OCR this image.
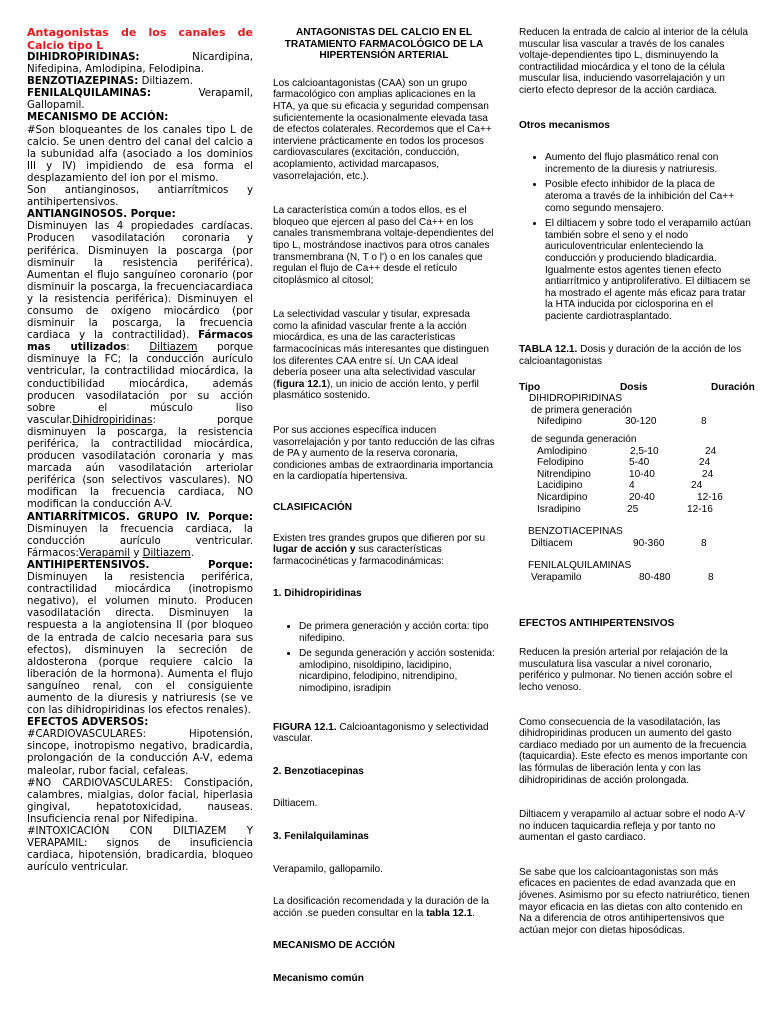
Antagonistas de los canales de Calcio tipo L

DIHIDROPIRIDINAS: Nicardipina, Nifedipina, Amlodipina, Felodipina.

BENZOTIAZEPINAS: Diltiazem.

FENILALQUILAMINAS: Verapamil, Gallopamil.

MECANISMO DE ACCIÓN:

#Son bloqueantes de los canales tipo L de calcio. Se unen dentro del canal del calcio a la subunidad alfa (asociado a los dominios III y IV) impidiendo de esa forma el desplazamiento del ion por el mismo.

Son antianginosos, antiarrítmicos y antihipertensivos.

ANTIANGINOSOS. Porque:

Disminuyen las 4 propiedades cardíacas. Producen vasodilatación coronaria y periférica. Disminuyen la poscarga (por disminuir la resistencia periférica). Aumentan el flujo sanguíneo coronario (por disminuir la poscarga, la frecuenciacardiaca y la resistencia periférica). Disminuyen el consumo de oxígeno miocárdico (por disminuir la poscarga, la frecuencia cardiaca y la contractilidad). Fármacos mas utilizados: Diltiazem porque disminuye la FC; la conducción aurículo ventricular, la contractilidad miocárdica, la conductibilidad miocárdica, además producen vasodilatación por su acción sobre el músculo liso vascular.Dihidropiridinas: porque disminuyen la poscarga, la resistencia periférica, la contractilidad miocárdica, producen vasodilatación coronaria y mas marcada aún vasodilatación arteriolar periférica (son selectivos vasculares). NO modifican la frecuencia cardiaca, NO modifican la conducción A-V.

ANTIARRÍTMICOS. GRUPO IV. Porque: Disminuyen la frecuencia cardiaca, la conducción aurículo ventricular. Fármacos:Verapamil y Diltiazem.

ANTIHIPERTENSIVOS. Porque: Disminuyen la resistencia periférica, contractilidad miocárdica (inotropismo negativo), el volumen minuto. Producen vasodilatación directa. Disminuyen la respuesta a la angiotensina II (por bloqueo de la entrada de calcio necesaria para sus efectos), disminuyen la secreción de aldosterona (porque requiere calcio la liberación de la hormona). Aumenta el flujo sanguíneo renal, con el consiguiente aumento de la diuresis y natriuresis (se ve con las dihidropiridinas los efectos renales).

EFECTOS ADVERSOS:

#CARDIOVASCULARES: Hipotensión, sincope, inotropismo negativo, bradicardia, prolongación de la conducción A-V, edema maleolar, rubor facial, cefaleas.

#NO CARDIOVASCULARES: Constipación, calambres, mialgias, dolor facial, hiperlasia gingival, hepatotoxicidad, nauseas. Insuficiencia renal por Nifedipina.

#INTOXICACIÓN CON DILTIAZEM Y VERAPAMIL: signos de insuficiencia cardiaca, hipotensión, bradicardia, bloqueo aurículo ventricular.

ANTAGONISTAS DEL CALCIO EN EL TRATAMIENTO FARMACOLÓGICO DE LA HIPERTENSIÓN ARTERIAL

Los calcioantagonistas (CAA) son un grupo farmacológico con amplias aplicaciones en la HTA, ya que su eficacia y seguridad compensan suficientemente la ocasionalmente elevada tasa de efectos colaterales. Recordemos que el Ca++ interviene prácticamente en todos los procesos cardiovasculares (excitación, conducción, acoplamiento, actividad marcapasos, vasorrelajación, etc.).

La característica común a todos ellos, es el bloqueo que ejercen al paso del Ca++ en los canales transmembrana voltaje-dependientes del tipo L, mostrándose inactivos para otros canales transmembrana (N, T o l') o en los canales que regulan el flujo de Ca++ desde el retículo citoplásmico al citosol;

La selectividad vascular y tisular, expresada como la afinidad vascular frente a la acción miocárdica, es una de las características farmacocínicas más interesantes que distinguen los diferentes CAA entre sí. Un CAA ideal debería poseer una alta selectividad vascular (figura 12.1), un inicio de acción lento, y perfil plasmático sostenido.

Por sus acciones específica inducen vasorrelajación y por tanto reducción de las cifras de PA y aumento de la reserva coronaria, condiciones ambas de extraordinaria importancia en la cardiopatía hipertensiva.

CLASIFICACIÓN

Existen tres grandes grupos que difieren por su lugar de acción y sus características farmacocinéticas y farmacodinámicas:

1. Dihidropiridinas

• De primera generación y acción corta: tipo nifedipino.
• De segunda generación y acción sostenida: amlodipino, nisoldipino, lacidipino, nicardipino, felodipino, nitrendipino, nimodipino, isradipin

FIGURA 12.1. Calcioantagonismo y selectividad vascular.

2. Benzotiacepinas

Diltiacem.

3. Fenilalquilaminas

Verapamilo, gallopamilo.

La dosificación recomendada y la duración de la acción .se pueden consultar en la tabla 12.1.

MECANISMO DE ACCIÓN

Mecanismo común

Reducen la entrada de calcio al interior de la célula muscular lisa vascular a través de los canales voltaje-dependientes tipo L, disminuyendo la contractilidad miocárdica y el tono de la célula muscular lisa, induciendo vasorrelajación y un cierto efecto depresor de la acción cardiaca.

Otros mecanismos

• Aumento del flujo plasmático renal con incremento de la diuresis y natriuresis.
• Posible efecto inhibidor de la placa de ateroma a través de la inhibición del Ca++ como segundo mensajero.
• El diltiacem y sobre todo el verapamilo actúan también sobre el seno y el nodo auriculoventricular enlenteciendo la conducción y produciendo bladicardia. Igualmente estos agentes tienen efecto antiarrítmico y antiproliferativo. El diltiacem se ha mostrado el agente más eficaz para tratar la HTA inducida por ciclosporina en el paciente cardiotrasplantado.

TABLA 12.1. Dosis y duración de la acción de los calcioantagonistas

Tipo	Dosis	Duración
DIHIDROPIRIDINAS
de primera generación
Nifedipino	30-120	8
de segunda generación
Amlodipino	2,5-10	24
Felodipino	5-40	24
Nitrendipino	10-40	24
Lacidipino	4	24
Nicardipino	20-40	12-16
Isradipino	25	12-16
BENZOTIACEPINAS
Diltiacem	90-360	8
FENILALQUILAMINAS
Verapamilo	80-480	8

EFECTOS ANTIHIPERTENSIVOS

Reducen la presión arterial por relajación de la musculatura lisa vascular a nivel coronario, periférico y pulmonar. No tienen acción sobre el lecho venoso.

Como consecuencia de la vasodilatación, las dihidropiridinas producen un aumento del gasto cardiaco mediado por un aumento de la frecuencia (taquicardia). Este efecto es menos importante con las fórmulas de liberación lenta y con las dihidropiridinas de acción prolongada.

Diltiacem y verapamilo al actuar sobre el nodo A-V no inducen taquicardia refleja y por tanto no aumentan el gasto cardiaco.

Se sabe que los calcioantagonistas son más eficaces en pacientes de edad avanzada que en jóvenes. Asimismo por su efecto natriurético, tienen mayor eficacia en las dietas con alto contenido en Na a diferencia de otros antihipertensivos que actúan mejor con dietas hiposódicas.
